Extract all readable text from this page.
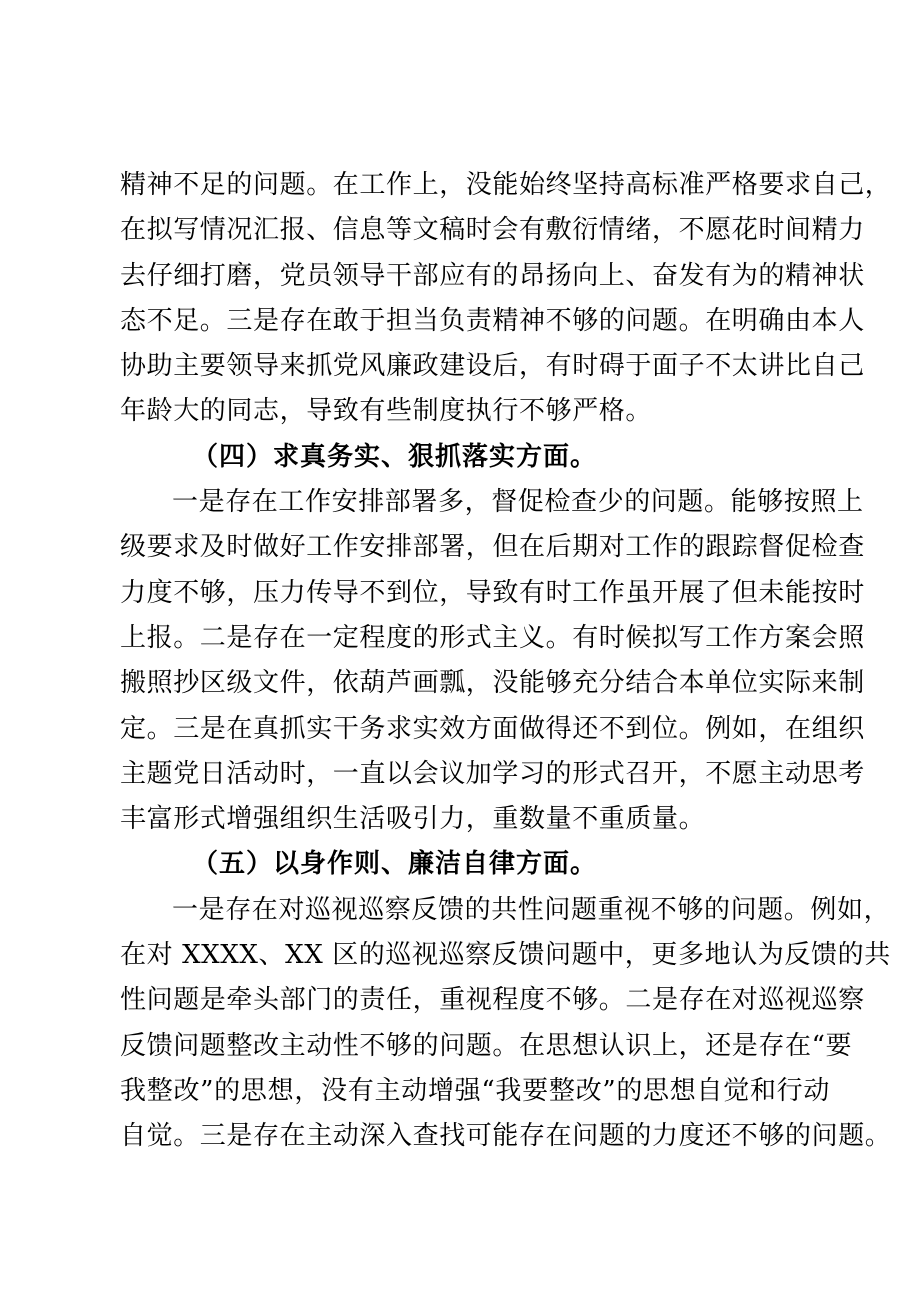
精神不足的问题。在工作上，没能始终坚持高标准严格要求自己，
在拟写情况汇报、信息等文稿时会有敷衍情绪，不愿花时间精力
去仔细打磨，党员领导干部应有的昂扬向上、奋发有为的精神状
态不足。三是存在敢于担当负责精神不够的问题。在明确由本人
协助主要领导来抓党风廉政建设后，有时碍于面子不太讲比自己
年龄大的同志，导致有些制度执行不够严格。
（四）求真务实、狠抓落实方面。
一是存在工作安排部署多，督促检查少的问题。能够按照上
级要求及时做好工作安排部署，但在后期对工作的跟踪督促检查
力度不够，压力传导不到位，导致有时工作虽开展了但未能按时
上报。二是存在一定程度的形式主义。有时候拟写工作方案会照
搬照抄区级文件，依葫芦画瓢，没能够充分结合本单位实际来制
定。三是在真抓实干务求实效方面做得还不到位。例如，在组织
主题党日活动时，一直以会议加学习的形式召开，不愿主动思考
丰富形式增强组织生活吸引力，重数量不重质量。
（五）以身作则、廉洁自律方面。
一是存在对巡视巡察反馈的共性问题重视不够的问题。例如，
在对 XXXX、XX 区的巡视巡察反馈问题中，更多地认为反馈的共
性问题是牵头部门的责任，重视程度不够。二是存在对巡视巡察
反馈问题整改主动性不够的问题。在思想认识上，还是存在“要
我整改”的思想，没有主动增强“我要整改”的思想自觉和行动
自觉。三是存在主动深入查找可能存在问题的力度还不够的问题。
